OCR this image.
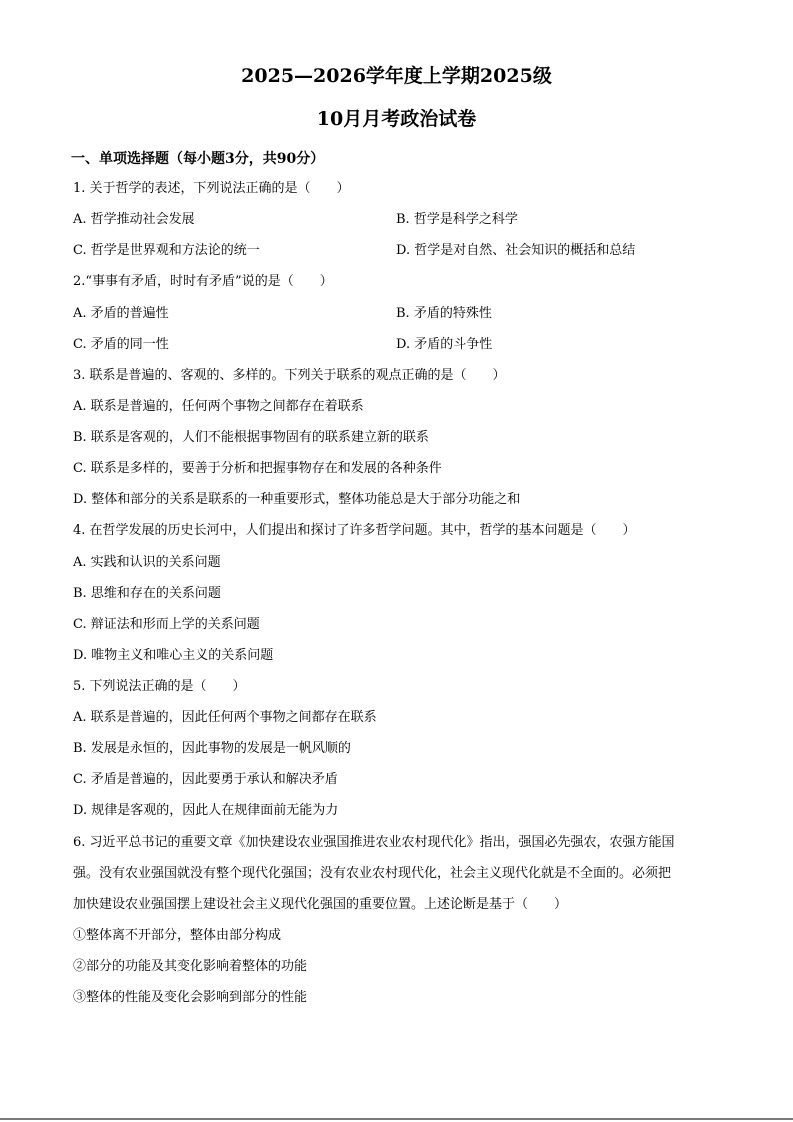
2025—2026学年度上学期2025级
10月月考政治试卷
一、单项选择题（每小题3分，共90分）
1. 关于哲学的表述，下列说法正确的是（　　）
A. 哲学推动社会发展	B. 哲学是科学之科学
C. 哲学是世界观和方法论的统一	D. 哲学是对自然、社会知识的概括和总结
2.“事事有矛盾，时时有矛盾”说的是（　　）
A. 矛盾的普遍性	B. 矛盾的特殊性
C. 矛盾的同一性	D. 矛盾的斗争性
3. 联系是普遍的、客观的、多样的。下列关于联系的观点正确的是（　　）
A. 联系是普遍的，任何两个事物之间都存在着联系
B. 联系是客观的，人们不能根据事物固有的联系建立新的联系
C. 联系是多样的，要善于分析和把握事物存在和发展的各种条件
D. 整体和部分的关系是联系的一种重要形式，整体功能总是大于部分功能之和
4. 在哲学发展的历史长河中，人们提出和探讨了许多哲学问题。其中，哲学的基本问题是（　　）
A. 实践和认识的关系问题
B. 思维和存在的关系问题
C. 辩证法和形而上学的关系问题
D. 唯物主义和唯心主义的关系问题
5. 下列说法正确的是（　　）
A. 联系是普遍的，因此任何两个事物之间都存在联系
B. 发展是永恒的，因此事物的发展是一帆风顺的
C. 矛盾是普遍的，因此要勇于承认和解决矛盾
D. 规律是客观的，因此人在规律面前无能为力
6. 习近平总书记的重要文章《加快建设农业强国推进农业农村现代化》指出，强国必先强农，农强方能国
强。没有农业强国就没有整个现代化强国；没有农业农村现代化，社会主义现代化就是不全面的。必须把
加快建设农业强国摆上建设社会主义现代化强国的重要位置。上述论断是基于（　　）
①整体离不开部分，整体由部分构成
②部分的功能及其变化影响着整体的功能
③整体的性能及变化会影响到部分的性能
